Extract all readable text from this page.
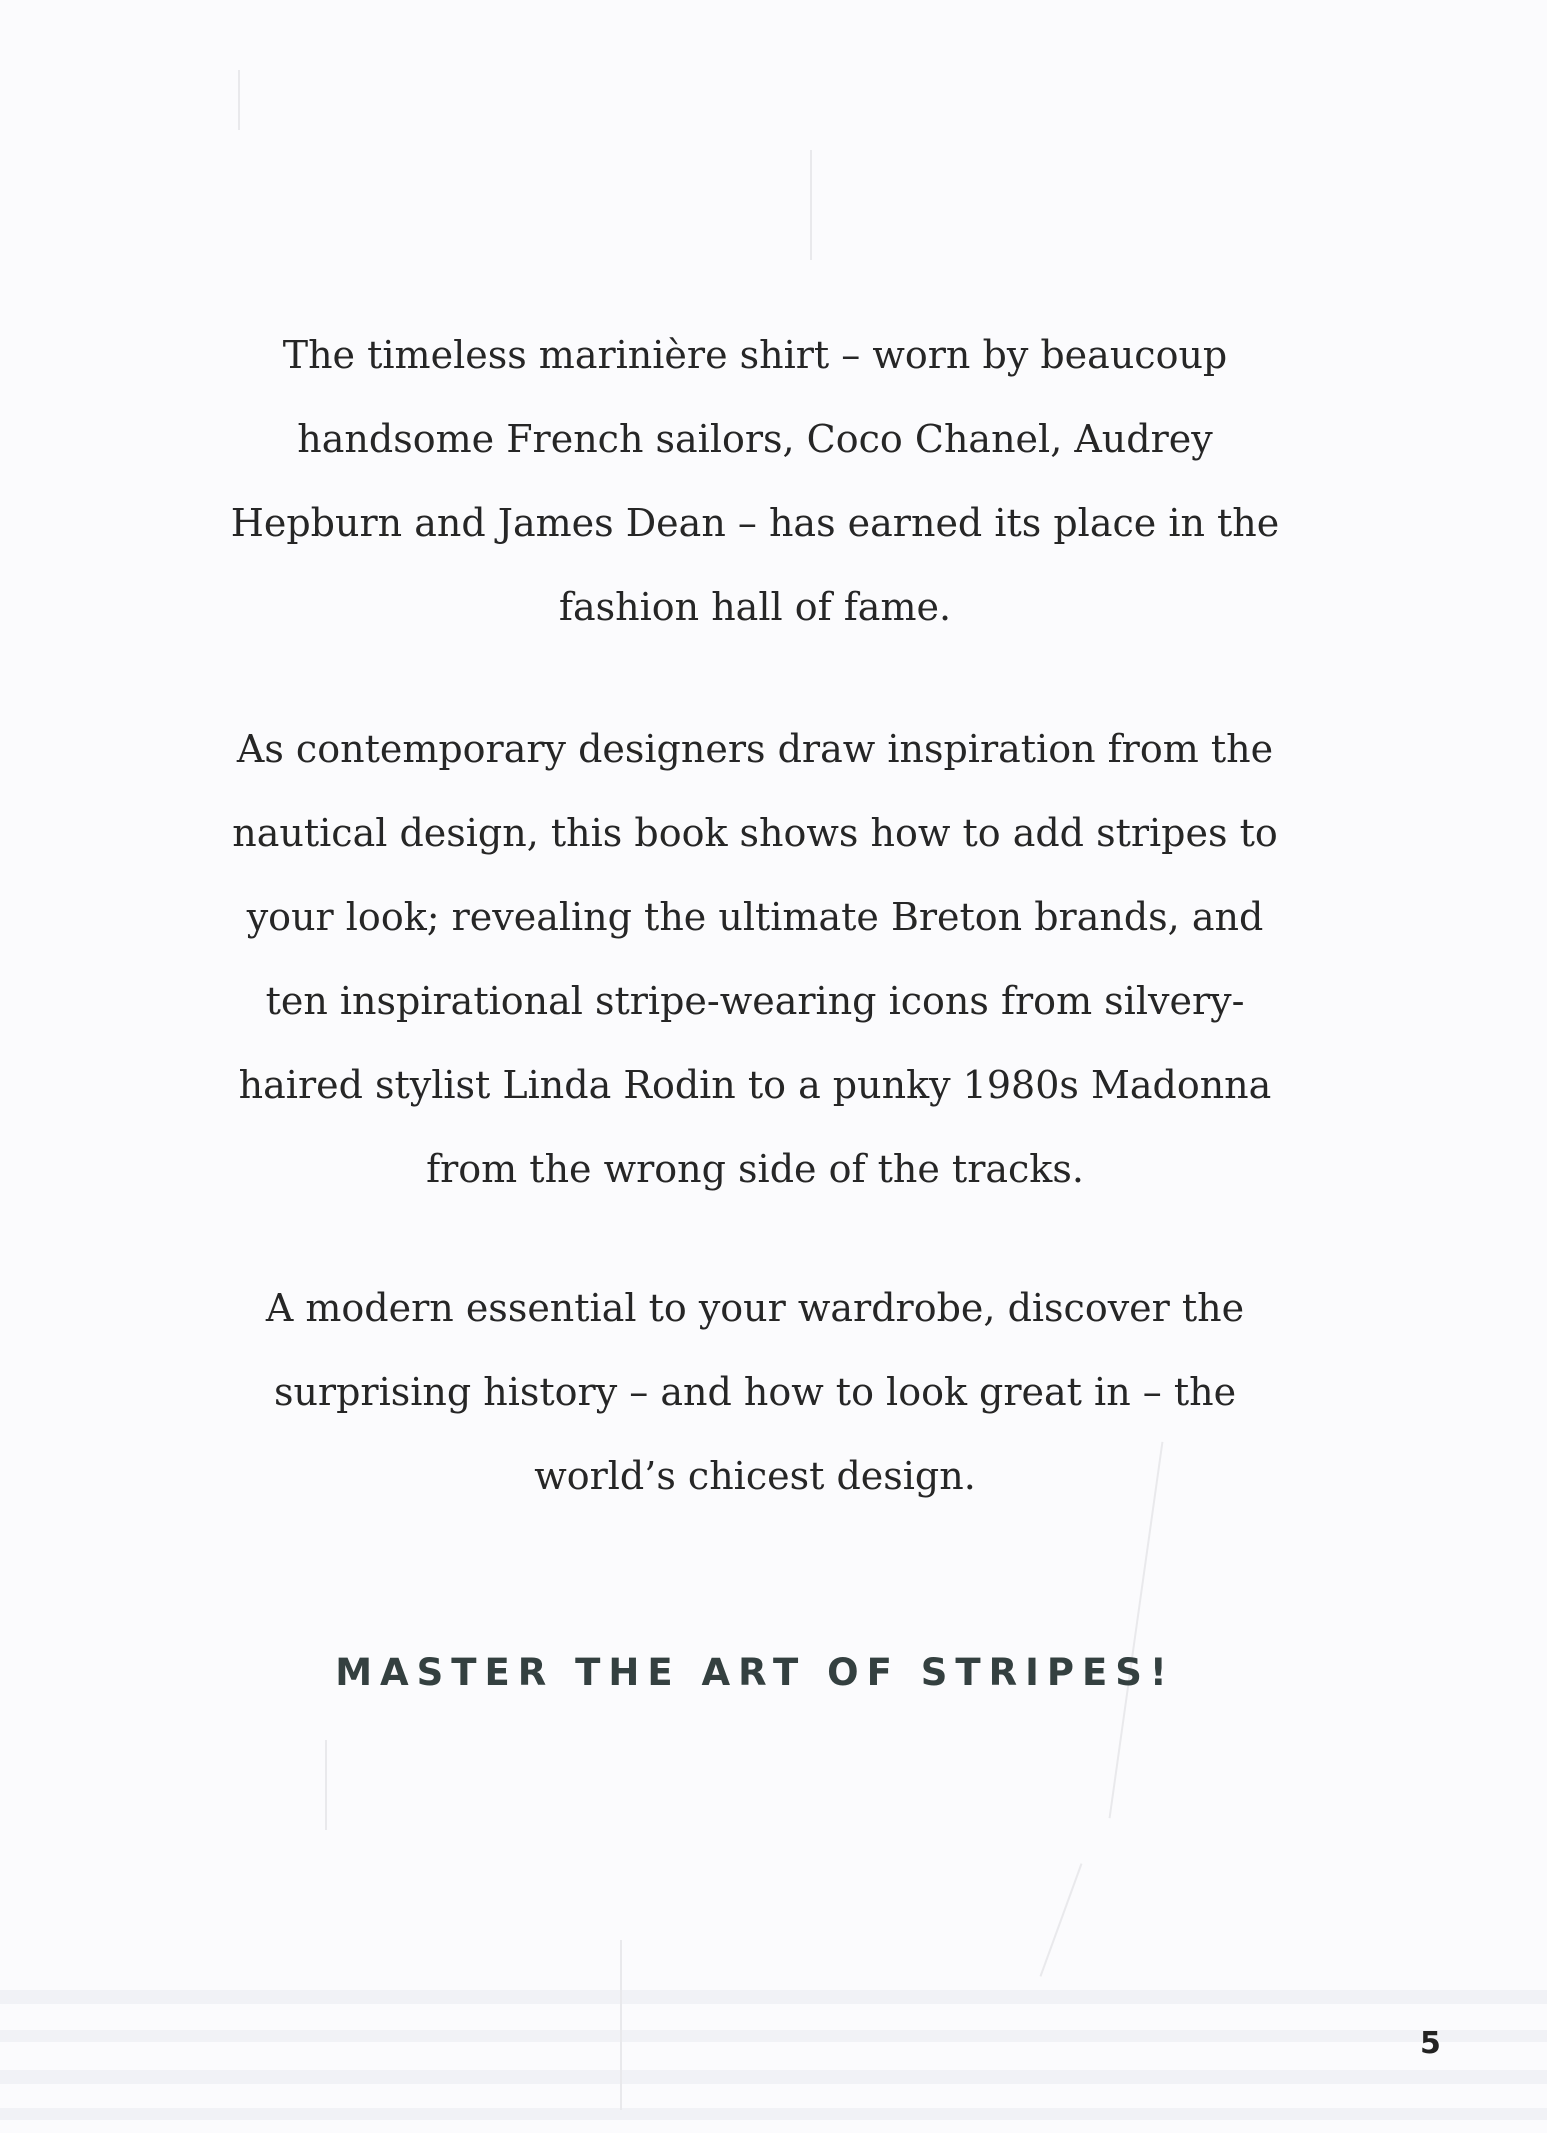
The timeless marinière shirt – worn by beaucoup
handsome French sailors, Coco Chanel, Audrey
Hepburn and James Dean – has earned its place in the
fashion hall of fame.
As contemporary designers draw inspiration from the
nautical design, this book shows how to add stripes to
your look; revealing the ultimate Breton brands, and
ten inspirational stripe-wearing icons from silvery-
haired stylist Linda Rodin to a punky 1980s Madonna
from the wrong side of the tracks.
A modern essential to your wardrobe, discover the
surprising history – and how to look great in – the
world’s chicest design.

MASTER THE ART OF STRIPES!

5
